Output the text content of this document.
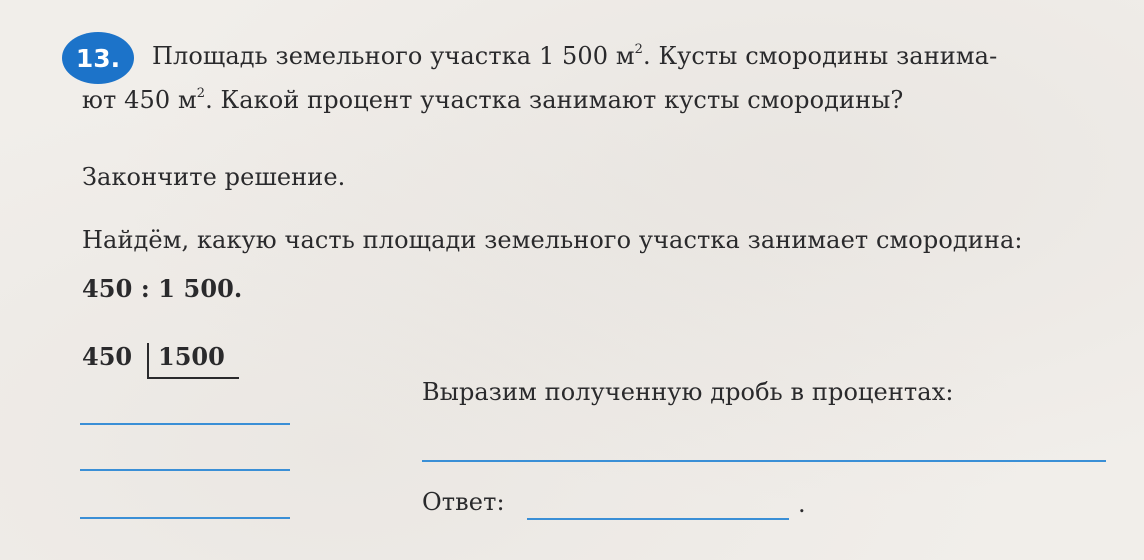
13. Площадь земельного участка 1 500 $м^2$. Кусты смородины занима-
ют 450 $м^2$. Какой процент участка занимают кусты смородины?
Закончите решение.
Найдём, какую часть площади земельного участка занимает смородина:
450 : 1 500.
450 1500
Выразим полученную дробь в процентах:
Ответ:	.
